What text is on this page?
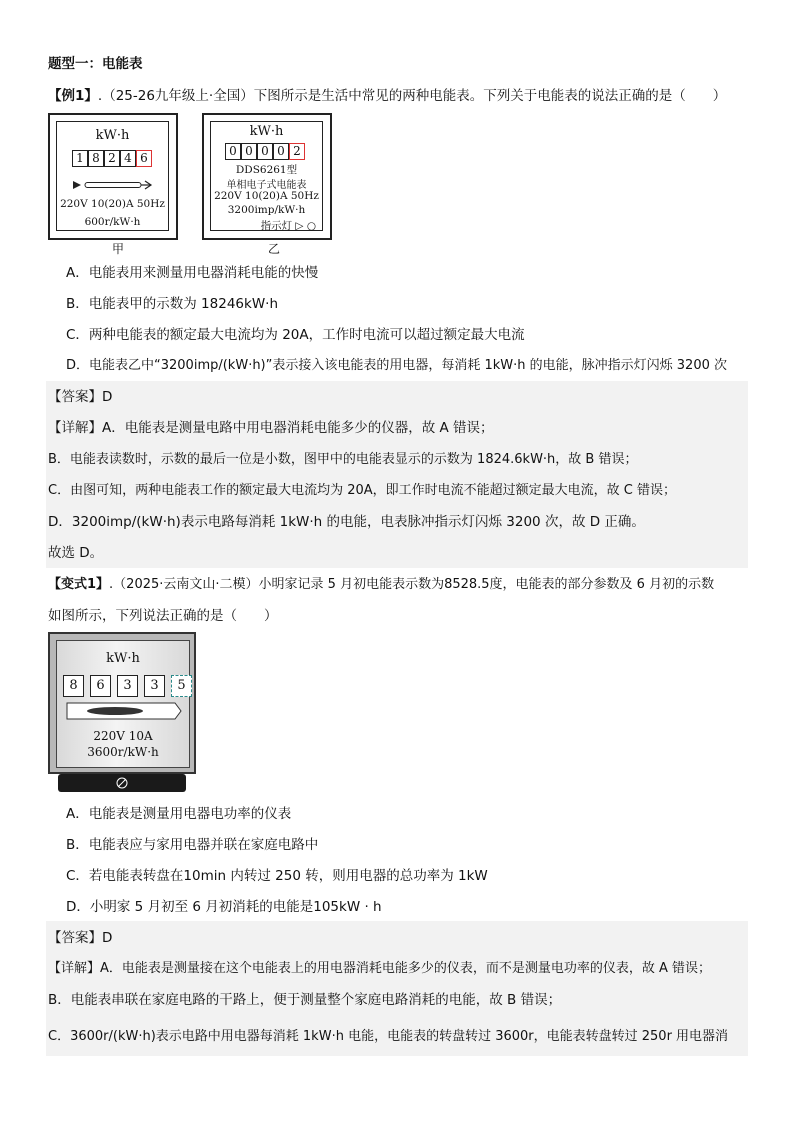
题型一：电能表
【例1】.（25-26九年级上·全国）下图所示是生活中常见的两种电能表。下列关于电能表的说法正确的是（　　）
kW·h
1 8 2 4 6
220V 10(20)A 50Hz
600r/kW·h
甲
kW·h
0 0 0 0 2
DDS6261型
单相电子式电能表
220V 10(20)A 50Hz
3200imp/kW·h
指示灯 ▷ ○
乙
A．电能表用来测量用电器消耗电能的快慢
B．电能表甲的示数为 18246kW·h
C．两种电能表的额定最大电流均为 20A，工作时电流可以超过额定最大电流
D．电能表乙中“3200imp/(kW·h)”表示接入该电能表的用电器，每消耗 1kW·h 的电能，脉冲指示灯闪烁 3200 次
【答案】D
【详解】A．电能表是测量电路中用电器消耗电能多少的仪器，故 A 错误；
B．电能表读数时，示数的最后一位是小数，图甲中的电能表显示的示数为 1824.6kW·h，故 B 错误；
C．由图可知，两种电能表工作的额定最大电流均为 20A，即工作时电流不能超过额定最大电流，故 C 错误；
D．3200imp/(kW·h)表示电路每消耗 1kW·h 的电能，电表脉冲指示灯闪烁 3200 次，故 D 正确。
故选 D。
【变式1】.（2025·云南文山·二模）小明家记录 5 月初电能表示数为8528.5度，电能表的部分参数及 6 月初的示数
如图所示，下列说法正确的是（　　）
kW·h
8	6	3	3	5
220V 10A
3600r/kW·h
A．电能表是测量用电器电功率的仪表
B．电能表应与家用电器并联在家庭电路中
C．若电能表转盘在10min 内转过 250 转，则用电器的总功率为 1kW
D．小明家 5 月初至 6 月初消耗的电能是105kW · h
【答案】D
【详解】A．电能表是测量接在这个电能表上的用电器消耗电能多少的仪表，而不是测量电功率的仪表，故 A 错误；
B．电能表串联在家庭电路的干路上，便于测量整个家庭电路消耗的电能，故 B 错误；
C．3600r/(kW·h)表示电路中用电器每消耗 1kW·h 电能，电能表的转盘转过 3600r，电能表转盘转过 250r 用电器消
